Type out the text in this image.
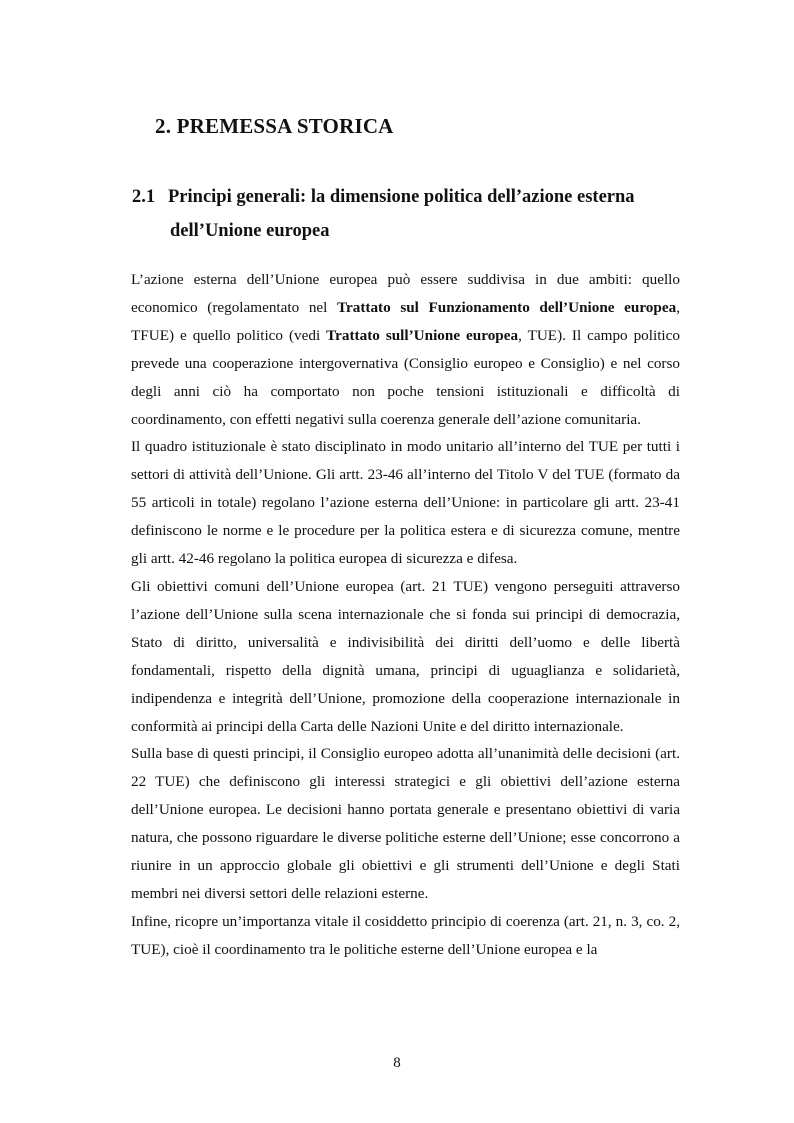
2. PREMESSA STORICA
2.1 Principi generali: la dimensione politica dell’azione esterna
dell’Unione europea

L’azione esterna dell’Unione europea può essere suddivisa in due ambiti: quello economico (regolamentato nel Trattato sul Funzionamento dell’Unione europea, TFUE) e quello politico (vedi Trattato sull’Unione europea, TUE). Il campo politico prevede una cooperazione intergovernativa (Consiglio europeo e Consiglio) e nel corso degli anni ciò ha comportato non poche tensioni istituzionali e difficoltà di coordinamento, con effetti negativi sulla coerenza generale dell’azione comunitaria.

Il quadro istituzionale è stato disciplinato in modo unitario all’interno del TUE per tutti i settori di attività dell’Unione. Gli artt. 23-46 all’interno del Titolo V del TUE (formato da 55 articoli in totale) regolano l’azione esterna dell’Unione: in particolare gli artt. 23-41 definiscono le norme e le procedure per la politica estera e di sicurezza comune, mentre gli artt. 42-46 regolano la politica europea di sicurezza e difesa.

Gli obiettivi comuni dell’Unione europea (art. 21 TUE) vengono perseguiti attraverso l’azione dell’Unione sulla scena internazionale che si fonda sui principi di democrazia, Stato di diritto, universalità e indivisibilità dei diritti dell’uomo e delle libertà fondamentali, rispetto della dignità umana, principi di uguaglianza e solidarietà, indipendenza e integrità dell’Unione, promozione della cooperazione internazionale in conformità ai principi della Carta delle Nazioni Unite e del diritto internazionale.

Sulla base di questi principi, il Consiglio europeo adotta all’unanimità delle decisioni (art. 22 TUE) che definiscono gli interessi strategici e gli obiettivi dell’azione esterna dell’Unione europea. Le decisioni hanno portata generale e presentano obiettivi di varia natura, che possono riguardare le diverse politiche esterne dell’Unione; esse concorrono a riunire in un approccio globale gli obiettivi e gli strumenti dell’Unione e degli Stati membri nei diversi settori delle relazioni esterne.

Infine, ricopre un’importanza vitale il cosiddetto principio di coerenza (art. 21, n. 3, co. 2, TUE), cioè il coordinamento tra le politiche esterne dell’Unione europea e la

8
